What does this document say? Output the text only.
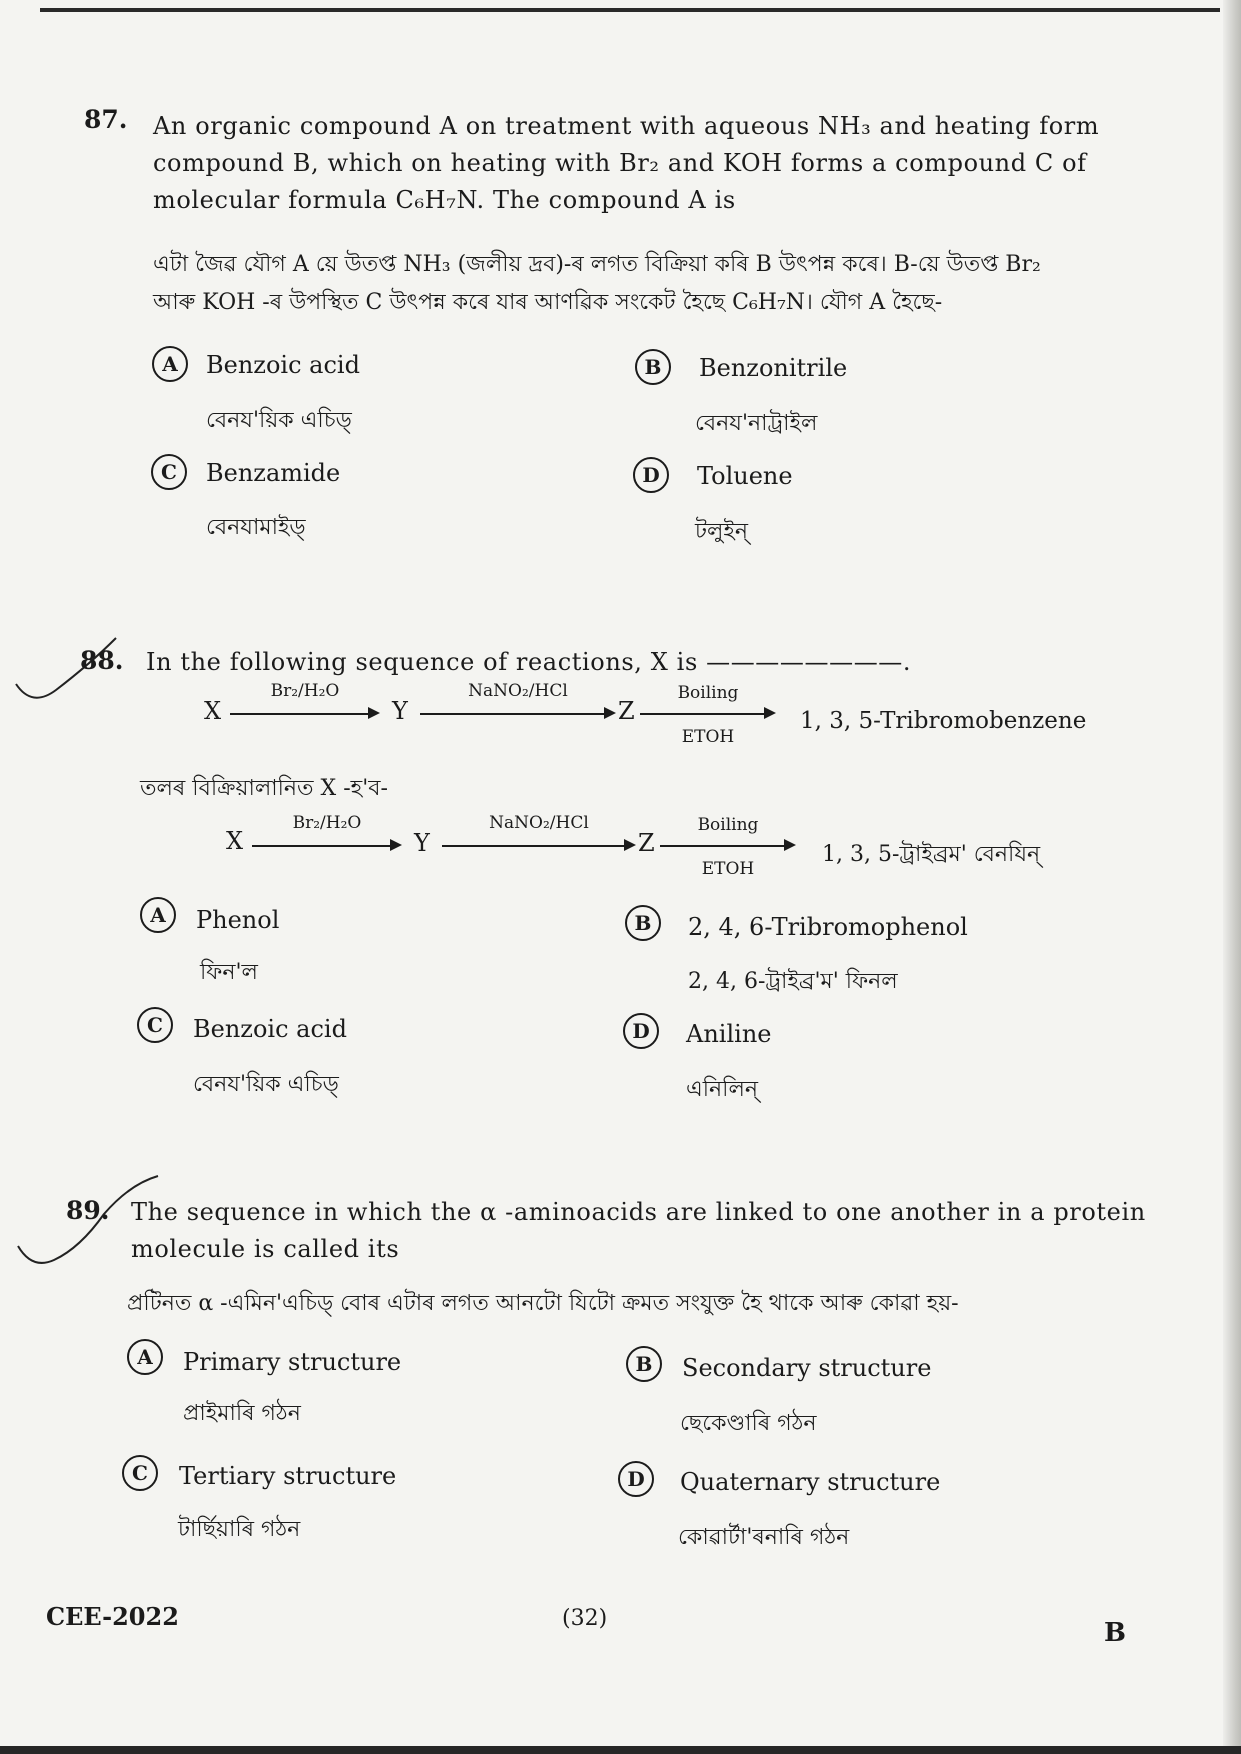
87. An organic compound A on treatment with aqueous NH₃ and heating form
compound B, which on heating with Br₂ and KOH forms a compound C of
molecular formula C₆H₇N. The compound A is
এটা জৈৱ যৌগ A য়ে উতপ্ত NH₃ (জলীয় দ্ৰব)-ৰ লগত বিক্ৰিয়া কৰি B উৎপন্ন কৰে। B-য়ে উতপ্ত Br₂
আৰু KOH -ৰ উপস্থিত C উৎপন্ন কৰে যাৰ আণৱিক সংকেট হৈছে C₆H₇N। যৌগ A হৈছে-
A	Benzoic acid
বেনয'য়িক এচিড্
B	Benzonitrile
বেনয'নাট্ৰাইল
C	Benzamide
বেনযামাইড্
D	Toluene
টলুইন্
88. In the following sequence of reactions, X is ————————.
X
Br₂/H₂O
Y
NaNO₂/HCl
Z
Boiling
ETOH
1, 3, 5-Tribromobenzene
তলৰ বিক্ৰিয়ালানিত X -হ'ব-
X
Br₂/H₂O
Y
NaNO₂/HCl
Z
Boiling
ETOH
1, 3, 5-ট্ৰাইব্ৰম' বেনযিন্
A	Phenol
ফিন'ল
B	2, 4, 6-Tribromophenol
2, 4, 6-ট্ৰাইব্ৰ'ম' ফিনল
C	Benzoic acid
বেনয'য়িক এচিড্
D	Aniline
এনিলিন্
89. The sequence in which the α -aminoacids are linked to one another in a protein
molecule is called its
প্ৰটিনত α -এমিন'এচিড্ বোৰ এটাৰ লগত আনটো যিটো ক্ৰমত সংযুক্ত হৈ থাকে আৰু কোৱা হয়-
A	Primary structure
প্ৰাইমাৰি গঠন
B	Secondary structure
ছেকেণ্ডাৰি গঠন
C	Tertiary structure
টাৰ্ছিয়াৰি গঠন
D	Quaternary structure
কোৱাৰ্টা'ৰনাৰি গঠন
CEE-2022	(32)	B
